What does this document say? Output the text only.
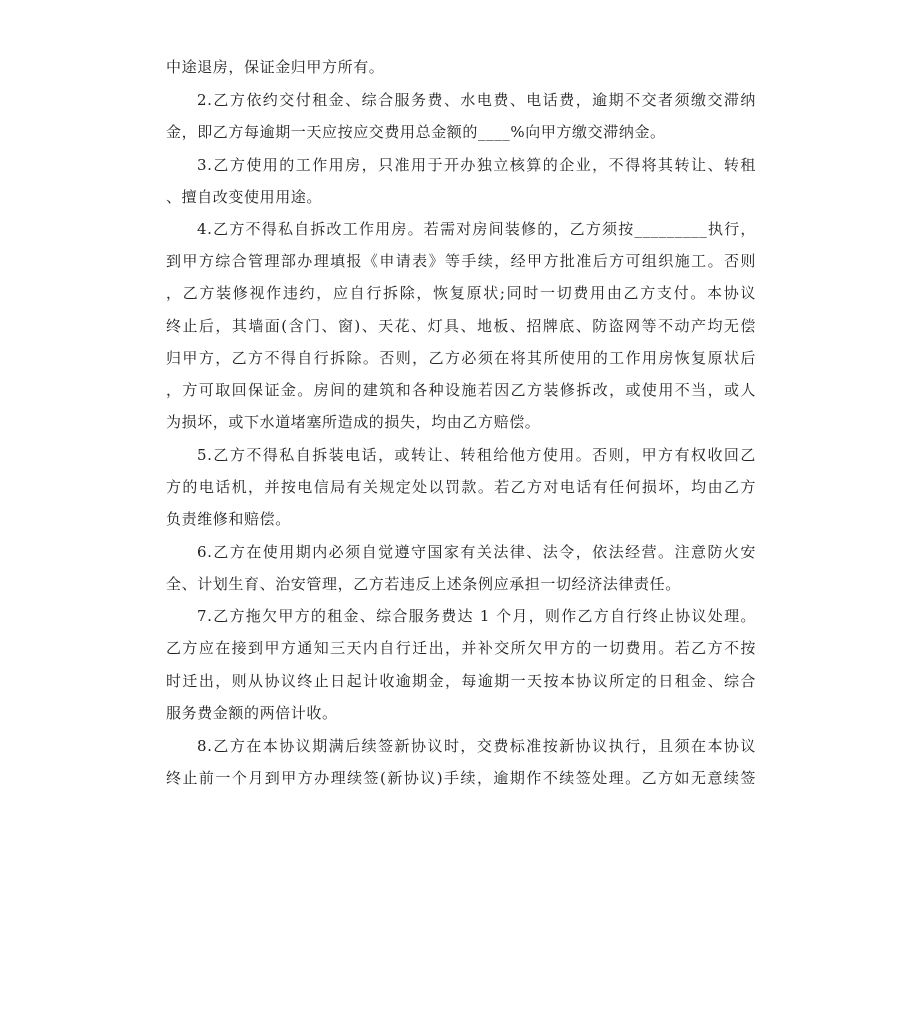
中途退房，保证金归甲方所有。
2.乙方依约交付租金、综合服务费、水电费、电话费，逾期不交者须缴交滞纳
金，即乙方每逾期一天应按应交费用总金额的____%向甲方缴交滞纳金。
3.乙方使用的工作用房，只准用于开办独立核算的企业，不得将其转让、转租
、擅自改变使用用途。
4.乙方不得私自拆改工作用房。若需对房间装修的，乙方须按_________执行，
到甲方综合管理部办理填报《申请表》等手续，经甲方批准后方可组织施工。否则
，乙方装修视作违约，应自行拆除，恢复原状;同时一切费用由乙方支付。本协议
终止后，其墙面(含门、窗)、天花、灯具、地板、招牌底、防盗网等不动产均无偿
归甲方，乙方不得自行拆除。否则，乙方必须在将其所使用的工作用房恢复原状后
，方可取回保证金。房间的建筑和各种设施若因乙方装修拆改，或使用不当，或人
为损坏，或下水道堵塞所造成的损失，均由乙方赔偿。
5.乙方不得私自拆装电话，或转让、转租给他方使用。否则，甲方有权收回乙
方的电话机，并按电信局有关规定处以罚款。若乙方对电话有任何损坏，均由乙方
负责维修和赔偿。
6.乙方在使用期内必须自觉遵守国家有关法律、法令，依法经营。注意防火安
全、计划生育、治安管理，乙方若违反上述条例应承担一切经济法律责任。
7.乙方拖欠甲方的租金、综合服务费达 1 个月，则作乙方自行终止协议处理。
乙方应在接到甲方通知三天内自行迁出，并补交所欠甲方的一切费用。若乙方不按
时迁出，则从协议终止日起计收逾期金，每逾期一天按本协议所定的日租金、综合
服务费金额的两倍计收。
8.乙方在本协议期满后续签新协议时，交费标准按新协议执行，且须在本协议
终止前一个月到甲方办理续签(新协议)手续，逾期作不续签处理。乙方如无意续签
